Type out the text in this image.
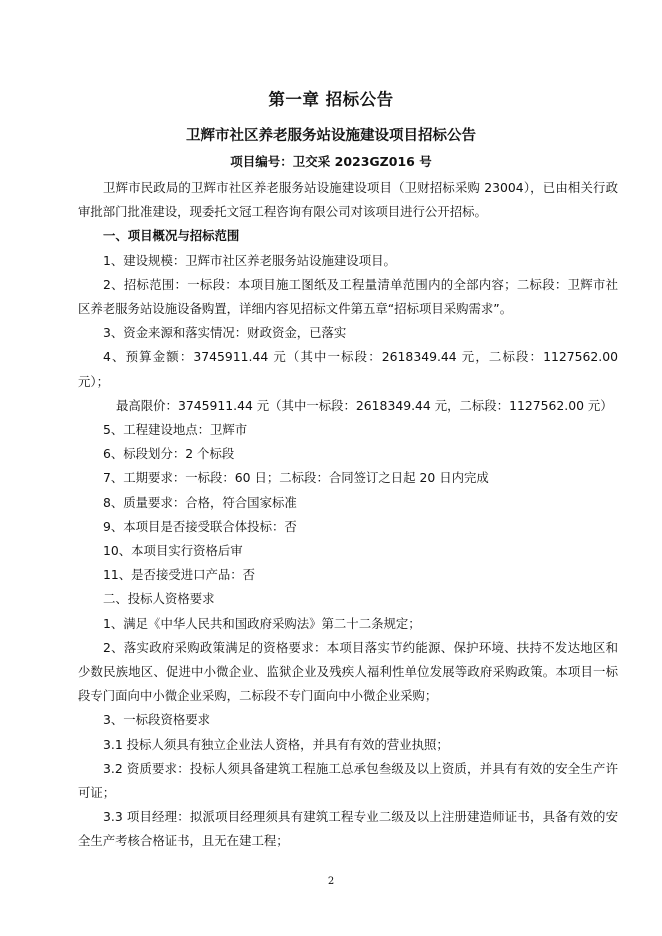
第一章 招标公告
卫辉市社区养老服务站设施建设项目招标公告
项目编号：卫交采 2023GZ016 号

卫辉市民政局的卫辉市社区养老服务站设施建设项目（卫财招标采购 23004），已由相关行政审批部门批准建设，现委托文冠工程咨询有限公司对该项目进行公开招标。

一、项目概况与招标范围

1、建设规模：卫辉市社区养老服务站设施建设项目。

2、招标范围：一标段：本项目施工图纸及工程量清单范围内的全部内容；二标段：卫辉市社区养老服务站设施设备购置，详细内容见招标文件第五章“招标项目采购需求”。

3、资金来源和落实情况：财政资金，已落实

4、预算金额：3745911.44 元（其中一标段：2618349.44 元，二标段：1127562.00 元）；

最高限价：3745911.44 元（其中一标段：2618349.44 元，二标段：1127562.00 元）

5、工程建设地点：卫辉市

6、标段划分：2 个标段

7、工期要求：一标段：60 日；二标段：合同签订之日起 20 日内完成

8、质量要求：合格，符合国家标准

9、本项目是否接受联合体投标：否

10、本项目实行资格后审

11、是否接受进口产品：否

二、投标人资格要求

1、满足《中华人民共和国政府采购法》第二十二条规定；

2、落实政府采购政策满足的资格要求：本项目落实节约能源、保护环境、扶持不发达地区和少数民族地区、促进中小微企业、监狱企业及残疾人福利性单位发展等政府采购政策。本项目一标段专门面向中小微企业采购，二标段不专门面向中小微企业采购；

3、一标段资格要求

3.1 投标人须具有独立企业法人资格，并具有有效的营业执照；

3.2 资质要求：投标人须具备建筑工程施工总承包叁级及以上资质，并具有有效的安全生产许可证；

3.3 项目经理：拟派项目经理须具有建筑工程专业二级及以上注册建造师证书，具备有效的安全生产考核合格证书，且无在建工程；

2
